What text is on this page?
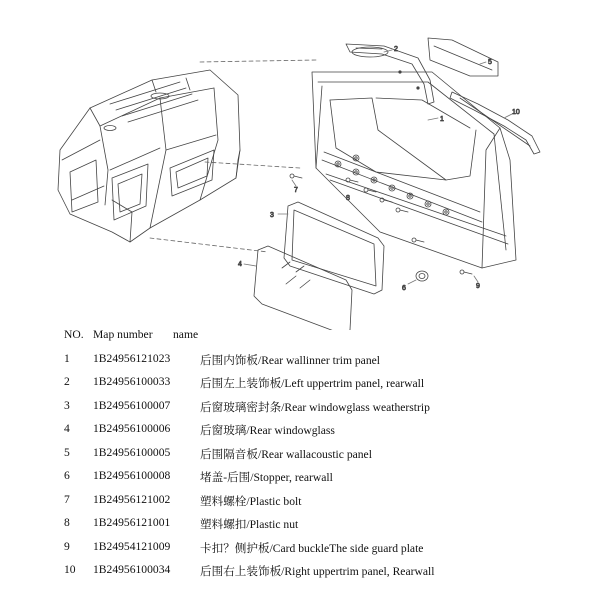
1
2
3
4
5
6
7
8
9
10
NO. Map number name
1 1B24956121023	后围内饰板/Rear wallinner trim panel
2 1B24956100033	后围左上装饰板/Left uppertrim panel, rearwall
3 1B24956100007	后窗玻璃密封条/Rear windowglass weatherstrip
4 1B24956100006	后窗玻璃/Rear windowglass
5 1B24956100005	后围隔音板/Rear wallacoustic panel
6 1B24956100008	堵盖-后围/Stopper, rearwall
7 1B24956121002	塑料螺栓/Plastic bolt
8 1B24956121001	塑料螺扣/Plastic nut
9 1B24954121009	卡扣？侧护板/Card buckleThe side guard plate
10 1B24956100034	后围右上装饰板/Right uppertrim panel, Rearwall
